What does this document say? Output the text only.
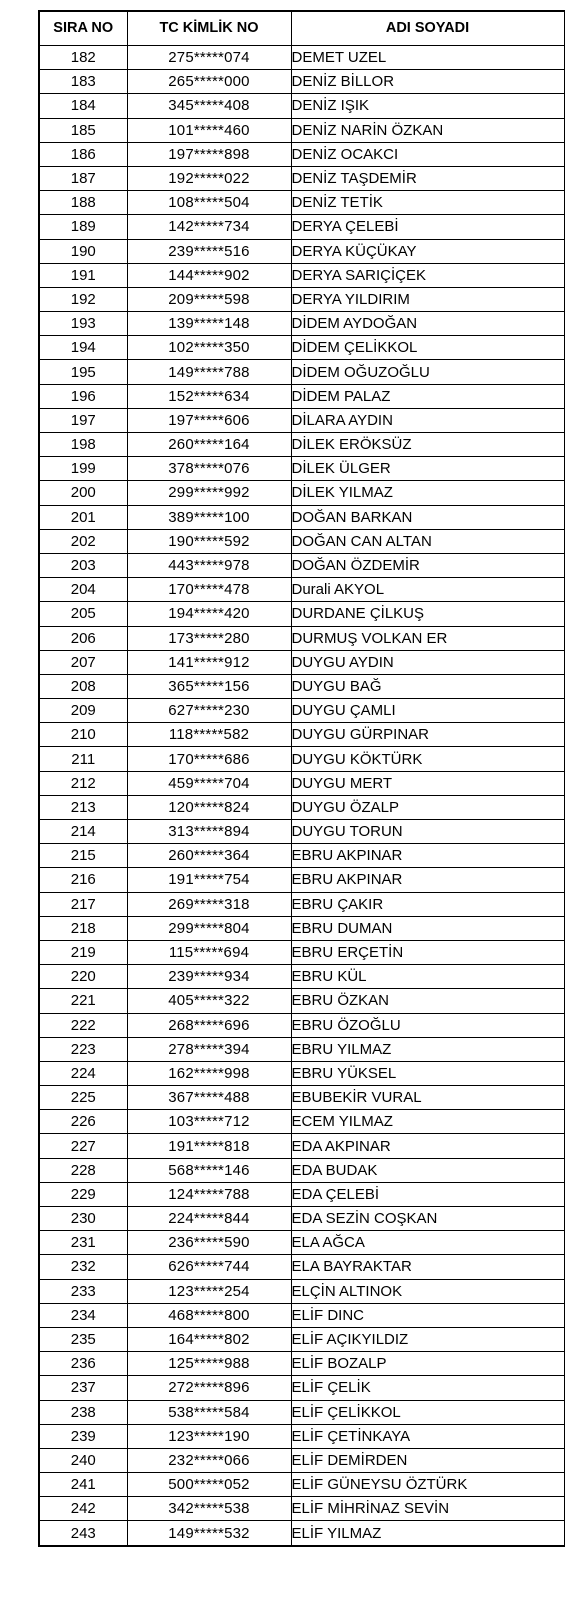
SIRA NO	TC KİMLİK NO	ADI SOYADI
182	275*****074	DEMET UZEL
183	265*****000	DENİZ BİLLOR
184	345*****408	DENİZ IŞIK
185	101*****460	DENİZ NARİN ÖZKAN
186	197*****898	DENİZ OCAKCI
187	192*****022	DENİZ TAŞDEMİR
188	108*****504	DENİZ TETİK
189	142*****734	DERYA ÇELEBİ
190	239*****516	DERYA KÜÇÜKAY
191	144*****902	DERYA SARIÇİÇEK
192	209*****598	DERYA YILDIRIM
193	139*****148	DİDEM AYDOĞAN
194	102*****350	DİDEM ÇELİKKOL
195	149*****788	DİDEM OĞUZOĞLU
196	152*****634	DİDEM PALAZ
197	197*****606	DİLARA AYDIN
198	260*****164	DİLEK ERÖKSÜZ
199	378*****076	DİLEK ÜLGER
200	299*****992	DİLEK YILMAZ
201	389*****100	DOĞAN BARKAN
202	190*****592	DOĞAN CAN ALTAN
203	443*****978	DOĞAN ÖZDEMİR
204	170*****478	Durali AKYOL
205	194*****420	DURDANE ÇİLKUŞ
206	173*****280	DURMUŞ VOLKAN ER
207	141*****912	DUYGU AYDIN
208	365*****156	DUYGU BAĞ
209	627*****230	DUYGU ÇAMLI
210	118*****582	DUYGU GÜRPINAR
211	170*****686	DUYGU KÖKTÜRK
212	459*****704	DUYGU MERT
213	120*****824	DUYGU ÖZALP
214	313*****894	DUYGU TORUN
215	260*****364	EBRU AKPINAR
216	191*****754	EBRU AKPINAR
217	269*****318	EBRU ÇAKIR
218	299*****804	EBRU DUMAN
219	115*****694	EBRU ERÇETİN
220	239*****934	EBRU KÜL
221	405*****322	EBRU ÖZKAN
222	268*****696	EBRU ÖZOĞLU
223	278*****394	EBRU YILMAZ
224	162*****998	EBRU YÜKSEL
225	367*****488	EBUBEKİR VURAL
226	103*****712	ECEM YILMAZ
227	191*****818	EDA AKPINAR
228	568*****146	EDA BUDAK
229	124*****788	EDA ÇELEBİ
230	224*****844	EDA SEZİN COŞKAN
231	236*****590	ELA AĞCA
232	626*****744	ELA BAYRAKTAR
233	123*****254	ELÇİN ALTINOK
234	468*****800	ELİF DINC
235	164*****802	ELİF AÇIKYILDIZ
236	125*****988	ELİF BOZALP
237	272*****896	ELİF ÇELİK
238	538*****584	ELİF ÇELİKKOL
239	123*****190	ELİF ÇETİNKAYA
240	232*****066	ELİF DEMİRDEN
241	500*****052	ELİF GÜNEYSU ÖZTÜRK
242	342*****538	ELİF MİHRİNAZ SEVİN
243	149*****532	ELİF YILMAZ
